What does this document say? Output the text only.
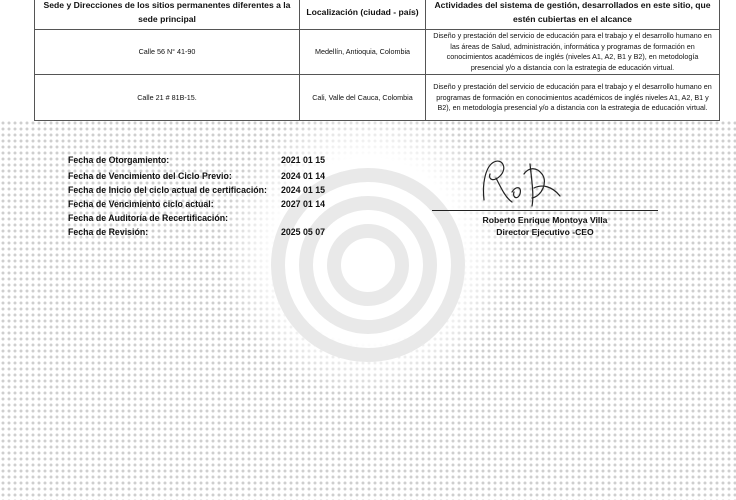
Sede y Direcciones de los sitios permanentes diferentes a la sede principal	Localización (ciudad - país)	Actividades del sistema de gestión, desarrollados en este sitio, que estén cubiertas en el alcance
Calle 56 N° 41-90	Medellín, Antioquia, Colombia	Diseño y prestación del servicio de educación para el trabajo y el desarrollo humano en las áreas de Salud, administración, informática y programas de formación en conocimientos académicos de inglés (niveles A1, A2, B1 y B2), en metodología presencial y/o a distancia con la estrategia de educación virtual.
Calle 21 # 81B-15.	Cali, Valle del Cauca, Colombia	Diseño y prestación del servicio de educación para el trabajo y el desarrollo humano en programas de formación en conocimientos académicos de inglés niveles A1, A2, B1 y B2), en metodología presencial y/o a distancia con la estrategia de educación virtual.
Fecha de Otorgamiento:	2021 01 15
Fecha de Vencimiento del Ciclo Previo:	2024 01 14
Fecha de Inicio del ciclo actual de certificación: 2024 01 15
Fecha de Vencimiento ciclo actual:	2027 01 14
Fecha de Auditoría de Recertificación:
Fecha de Revisión:	2025 05 07
Roberto Enrique Montoya Villa
Director Ejecutivo -CEO
